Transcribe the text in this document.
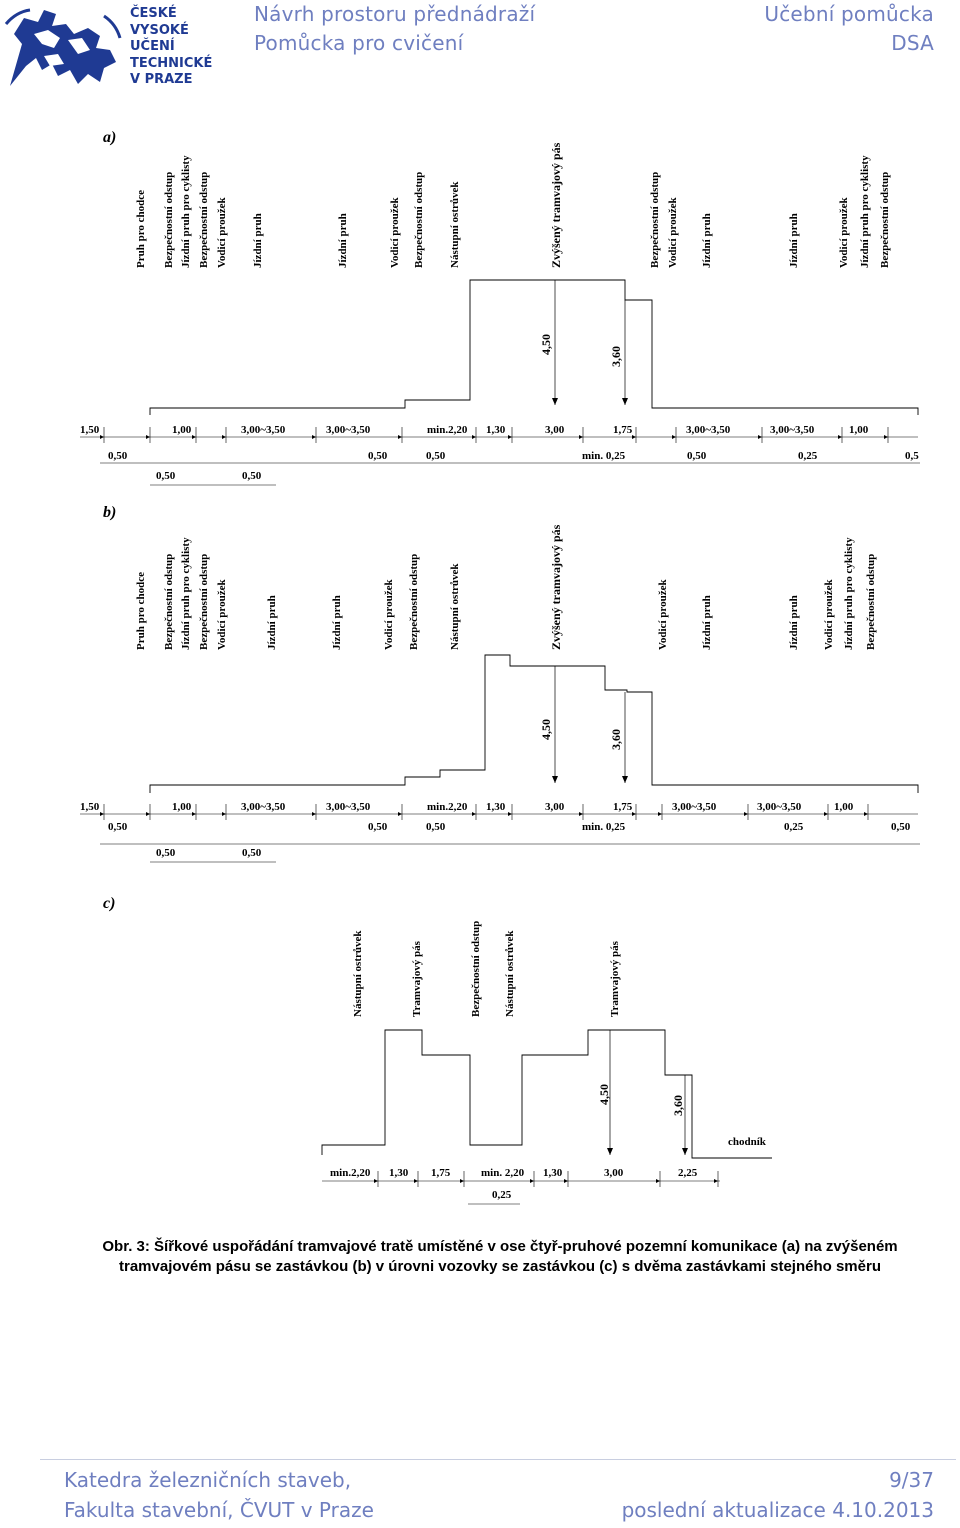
ČESKÉ
VYSOKÉ
UČENÍ
TECHNICKÉ
V PRAZE
Návrh prostoru přednádraží
Pomůcka pro cvičení
Učební pomůcka
DSA
a)
Pruh pro chodce Bezpečnostní odstup Jízdní pruh pro cyklisty Bezpečnostní odstup Vodicí proužek Jízdní pruh	Jízdní pruh	Vodicí proužek Bezpečnostní odstup Nástupní ostrůvek	Zvýšený tramvajový pás	Bezpečnostní odstup Vodicí proužek Jízdní pruh	Jízdní pruh	Vodicí proužek Jízdní pruh pro cyklisty Bezpečnostní odstup
4,50
3,60
1,50	1,00	3,00~3,50	3,00~3,50	min.2,20 1,30	3,00	1,75	3,00~3,50	3,00~3,50	1,00
0,50	0,50	0,50	min. 0,25	0,50	0,25	0,5
0,50	0,50
b)
Pruh pro chodce Bezpečnostní odstup Jízdní pruh pro cyklisty Bezpečnostní odstup Vodicí proužek	Jízdní pruh	Jízdní pruh	Vodicí proužek Bezpečnostní odstup	Nástupní ostrůvek	Zvýšený tramvajový pás	Vodicí proužek	Jízdní pruh	Jízdní pruh Vodicí proužek Jízdní pruh pro cyklisty Bezpečnostní odstup
4,50	3,60
1,50	1,00	3,00~3,50	3,00~3,50	min.2,20 1,30	3,00	1,75	3,00~3,50	3,00~3,50	1,00
0,50	0,50	0,50	min. 0,25	0,25	0,50
0,50	0,50
c)
Nástupní ostrůvek	Tramvajový pás	Bezpečnostní odstup Nástupní ostrůvek	Tramvajový pás
4,50
3,60
chodník
min.2,20 1,30 1,75	min. 2,20 1,30	3,00	2,25
0,25
Obr. 3: Šířkové uspořádání tramvajové tratě umístěné v ose čtyř-pruhové pozemní komunikace (a) na zvýšeném tramvajovém pásu se zastávkou (b) v úrovni vozovky se zastávkou (c) s dvěma zastávkami stejného směru
Katedra železničních staveb,
Fakulta stavební, ČVUT v Praze
9/37
poslední aktualizace 4.10.2013
